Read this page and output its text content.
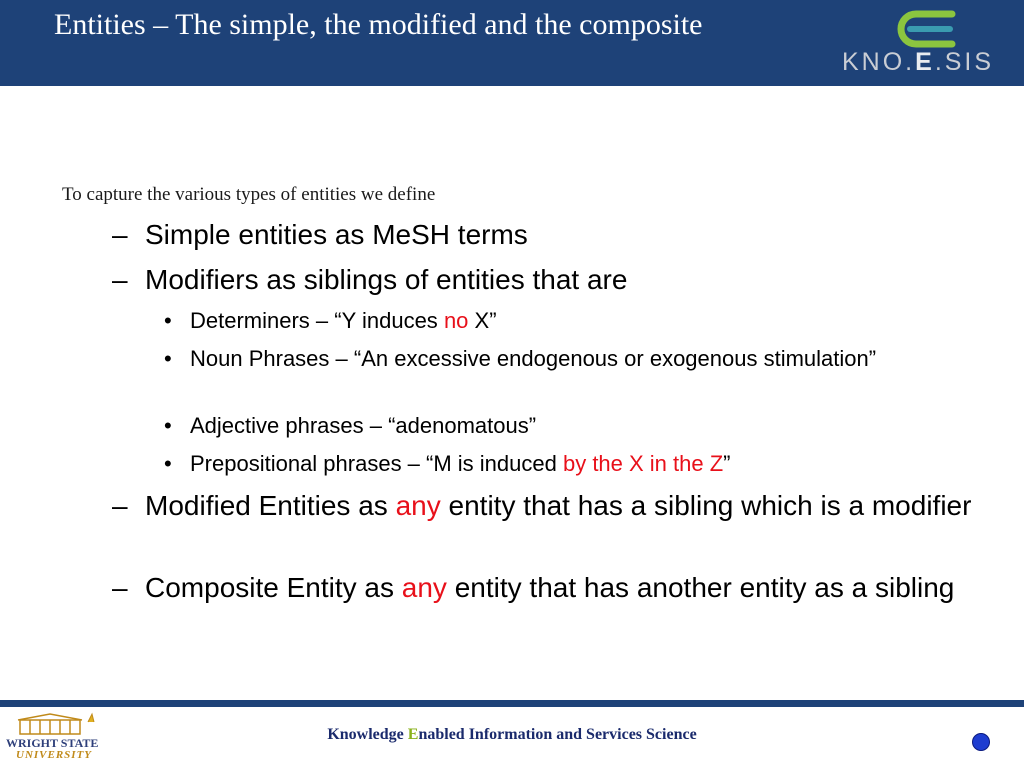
Entities – The simple, the modified and the composite
KNO.E.SIS
To capture the various types of entities we define
– Simple entities as MeSH terms
– Modifiers as siblings of entities that are
• Determiners – “Y induces no X”
• Noun Phrases – “An excessive endogenous or exogenous stimulation”
• Adjective phrases – “adenomatous”
• Prepositional phrases – “M is induced by the X in the Z”
– Modified Entities as any entity that has a sibling which is a modifier
– Composite Entity as any entity that has another entity as a sibling
WRIGHT STATE
UNIVERSITY
Knowledge Enabled Information and Services Science
